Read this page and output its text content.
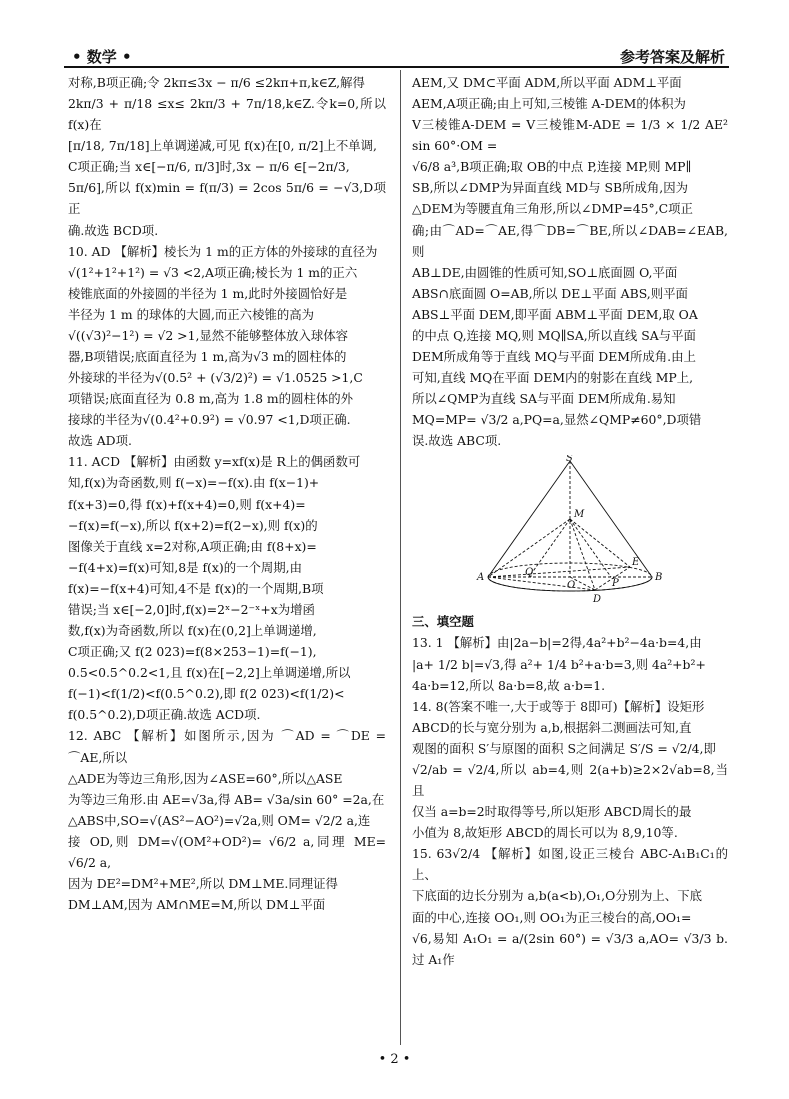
• 数学 •	参考答案及解析

对称,B项正确;令 2kπ≤3x − π/6 ≤2kπ+π,k∈Z,解得

2kπ/3 + π/18 ≤x≤ 2kπ/3 + 7π/18,k∈Z.令k=0,所以 f(x)在

[π/18, 7π/18]上单调递减,可见 f(x)在[0, π/2]上不单调,

C项正确;当 x∈[−π/6, π/3]时,3x − π/6 ∈[−2π/3,

5π/6],所以 f(x)min = f(π/3) = 2cos 5π/6 = −√3,D项正

确.故选 BCD项.

10. AD 【解析】棱长为 1 m的正方体的外接球的直径为

√(1²+1²+1²) = √3 <2,A项正确;棱长为 1 m的正六

棱锥底面的外接圆的半径为 1 m,此时外接圆恰好是

半径为 1 m 的球体的大圆,而正六棱锥的高为

√((√3)²−1²) = √2 >1,显然不能够整体放入球体容

器,B项错误;底面直径为 1 m,高为√3 m的圆柱体的

外接球的半径为√(0.5² + (√3/2)²) = √1.0525 >1,C

项错误;底面直径为 0.8 m,高为 1.8 m的圆柱体的外

接球的半径为√(0.4²+0.9²) = √0.97 <1,D项正确.

故选 AD项.

11. ACD 【解析】由函数 y=xf(x)是 R上的偶函数可

知,f(x)为奇函数,则 f(−x)=−f(x).由 f(x−1)+

f(x+3)=0,得 f(x)+f(x+4)=0,则 f(x+4)=

−f(x)=f(−x),所以 f(x+2)=f(2−x),则 f(x)的

图像关于直线 x=2对称,A项正确;由 f(8+x)=

−f(4+x)=f(x)可知,8是 f(x)的一个周期,由

f(x)=−f(x+4)可知,4不是 f(x)的一个周期,B项

错误;当 x∈[−2,0]时,f(x)=2ˣ−2⁻ˣ+x为增函

数,f(x)为奇函数,所以 f(x)在(0,2]上单调递增,

C项正确;又 f(2 023)=f(8×253−1)=f(−1),

0.5<0.5^0.2<1,且 f(x)在[−2,2]上单调递增,所以

f(−1)<f(1/2)<f(0.5^0.2),即 f(2 023)<f(1/2)<

f(0.5^0.2),D项正确.故选 ACD项.

12. ABC 【解析】如图所示,因为 ⌒AD = ⌒DE = ⌒AE,所以

△ADE为等边三角形,因为∠ASE=60°,所以△ASE

为等边三角形.由 AE=√3a,得 AB= √3a/sin 60° =2a,在

△ABS中,SO=√(AS²−AO²)=√2a,则 OM= √2/2 a,连

接 OD,则 DM=√(OM²+OD²)= √6/2 a,同理 ME= √6/2 a,

因为 DE²=DM²+ME²,所以 DM⊥ME.同理证得

DM⊥AM,因为 AM∩ME=M,所以 DM⊥平面

AEM,又 DM⊂平面 ADM,所以平面 ADM⊥平面

AEM,A项正确;由上可知,三棱锥 A-DEM的体积为

V三棱锥A-DEM = V三棱锥M-ADE = 1/3 × 1/2 AE² sin 60°·OM =

√6/8 a³,B项正确;取 OB的中点 P,连接 MP,则 MP∥

SB,所以∠DMP为异面直线 MD与 SB所成角,因为

△DEM为等腰直角三角形,所以∠DMP=45°,C项正

确;由⌒AD=⌒AE,得⌒DB=⌒BE,所以∠DAB=∠EAB,则

AB⊥DE,由圆锥的性质可知,SO⊥底面圆 O,平面

ABS∩底面圆 O=AB,所以 DE⊥平面 ABS,则平面

ABS⊥平面 DEM,即平面 ABM⊥平面 DEM,取 OA

的中点 Q,连接 MQ,则 MQ∥SA,所以直线 SA与平面

DEM所成角等于直线 MQ与平面 DEM所成角.由上

可知,直线 MQ在平面 DEM内的射影在直线 MP上,

所以∠QMP为直线 SA与平面 DEM所成角.易知

MQ=MP= √3/2 a,PQ=a,显然∠QMP≠60°,D项错

误.故选 ABC项.

S
M
A	B
D
E
O	P
Q
三、填空题

13. 1 【解析】由|2a−b|=2得,4a²+b²−4a·b=4,由

|a+ 1/2 b|=√3,得 a²+ 1/4 b²+a·b=3,则 4a²+b²+

4a·b=12,所以 8a·b=8,故 a·b=1.

14. 8(答案不唯一,大于或等于 8即可)【解析】设矩形

ABCD的长与宽分别为 a,b,根据斜二测画法可知,直

观图的面积 S′与原图的面积 S之间满足 S′/S = √2/4,即

√2/ab = √2/4,所以 ab=4,则 2(a+b)≥2×2√ab=8,当且

仅当 a=b=2时取得等号,所以矩形 ABCD周长的最

小值为 8,故矩形 ABCD的周长可以为 8,9,10等.

15. 63√2/4 【解析】如图,设正三棱台 ABC-A₁B₁C₁的上、

下底面的边长分别为 a,b(a<b),O₁,O分别为上、下底

面的中心,连接 OO₁,则 OO₁为正三棱台的高,OO₁=

√6,易知 A₁O₁ = a/(2sin 60°) = √3/3 a,AO= √3/3 b.过 A₁作

• 2 •
